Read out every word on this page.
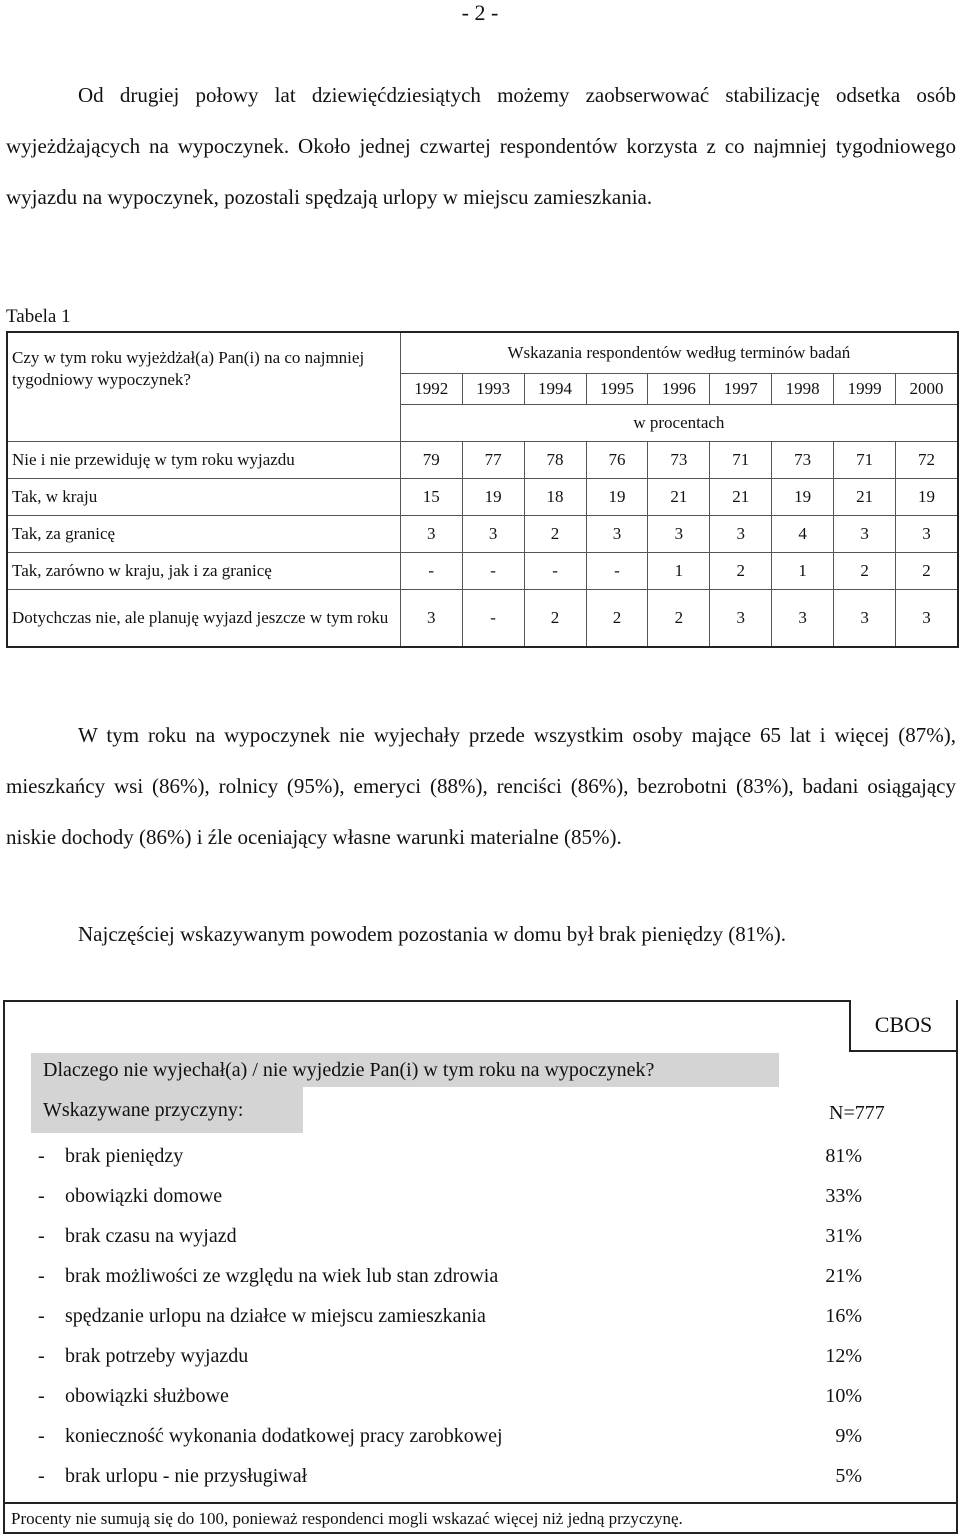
- 2 -

Od drugiej połowy lat dziewięćdziesiątych możemy zaobserwować stabilizację odsetka osób wyjeżdżających na wypoczynek. Około jednej czwartej respondentów korzysta z co najmniej tygodniowego wyjazdu na wypoczynek, pozostali spędzają urlopy w miejscu zamieszkania.

Tabela 1
Czy w tym roku wyjeżdżał(a) Pan(i) na co najmniej tygodniowy wypoczynek?	Wskazania respondentów według terminów badań								
	1992	1993	1994	1995	1996	1997	1998	1999	2000
	w procentach								
Nie i nie przewiduję w tym roku wyjazdu	79	77	78	76	73	71	73	71	72
Tak, w kraju	15	19	18	19	21	21	19	21	19
Tak, za granicę	3	3	2	3	3	3	4	3	3
Tak, zarówno w kraju, jak i za granicę	-	-	-	-	1	2	1	2	2
Dotychczas nie, ale planuję wyjazd jeszcze w tym roku	3	-	2	2	2	3	3	3	3

W tym roku na wypoczynek nie wyjechały przede wszystkim osoby mające 65 lat i więcej (87%), mieszkańcy wsi (86%), rolnicy (95%), emeryci (88%), renciści (86%), bezrobotni (83%), badani osiągający niskie dochody (86%) i źle oceniający własne warunki materialne (85%).

Najczęściej wskazywanym powodem pozostania w domu był brak pieniędzy (81%).

CBOS
Dlaczego nie wyjechał(a) / nie wyjedzie Pan(i) w tym roku na wypoczynek?
Wskazywane przyczyny:	N=777
- brak pieniędzy	81%
- obowiązki domowe	33%
- brak czasu na wyjazd	31%
- brak możliwości ze względu na wiek lub stan zdrowia	21%
- spędzanie urlopu na działce w miejscu zamieszkania	16%
- brak potrzeby wyjazdu	12%
- obowiązki służbowe	10%
- konieczność wykonania dodatkowej pracy zarobkowej	9%
- brak urlopu - nie przysługiwał	5%
Procenty nie sumują się do 100, ponieważ respondenci mogli wskazać więcej niż jedną przyczynę.
